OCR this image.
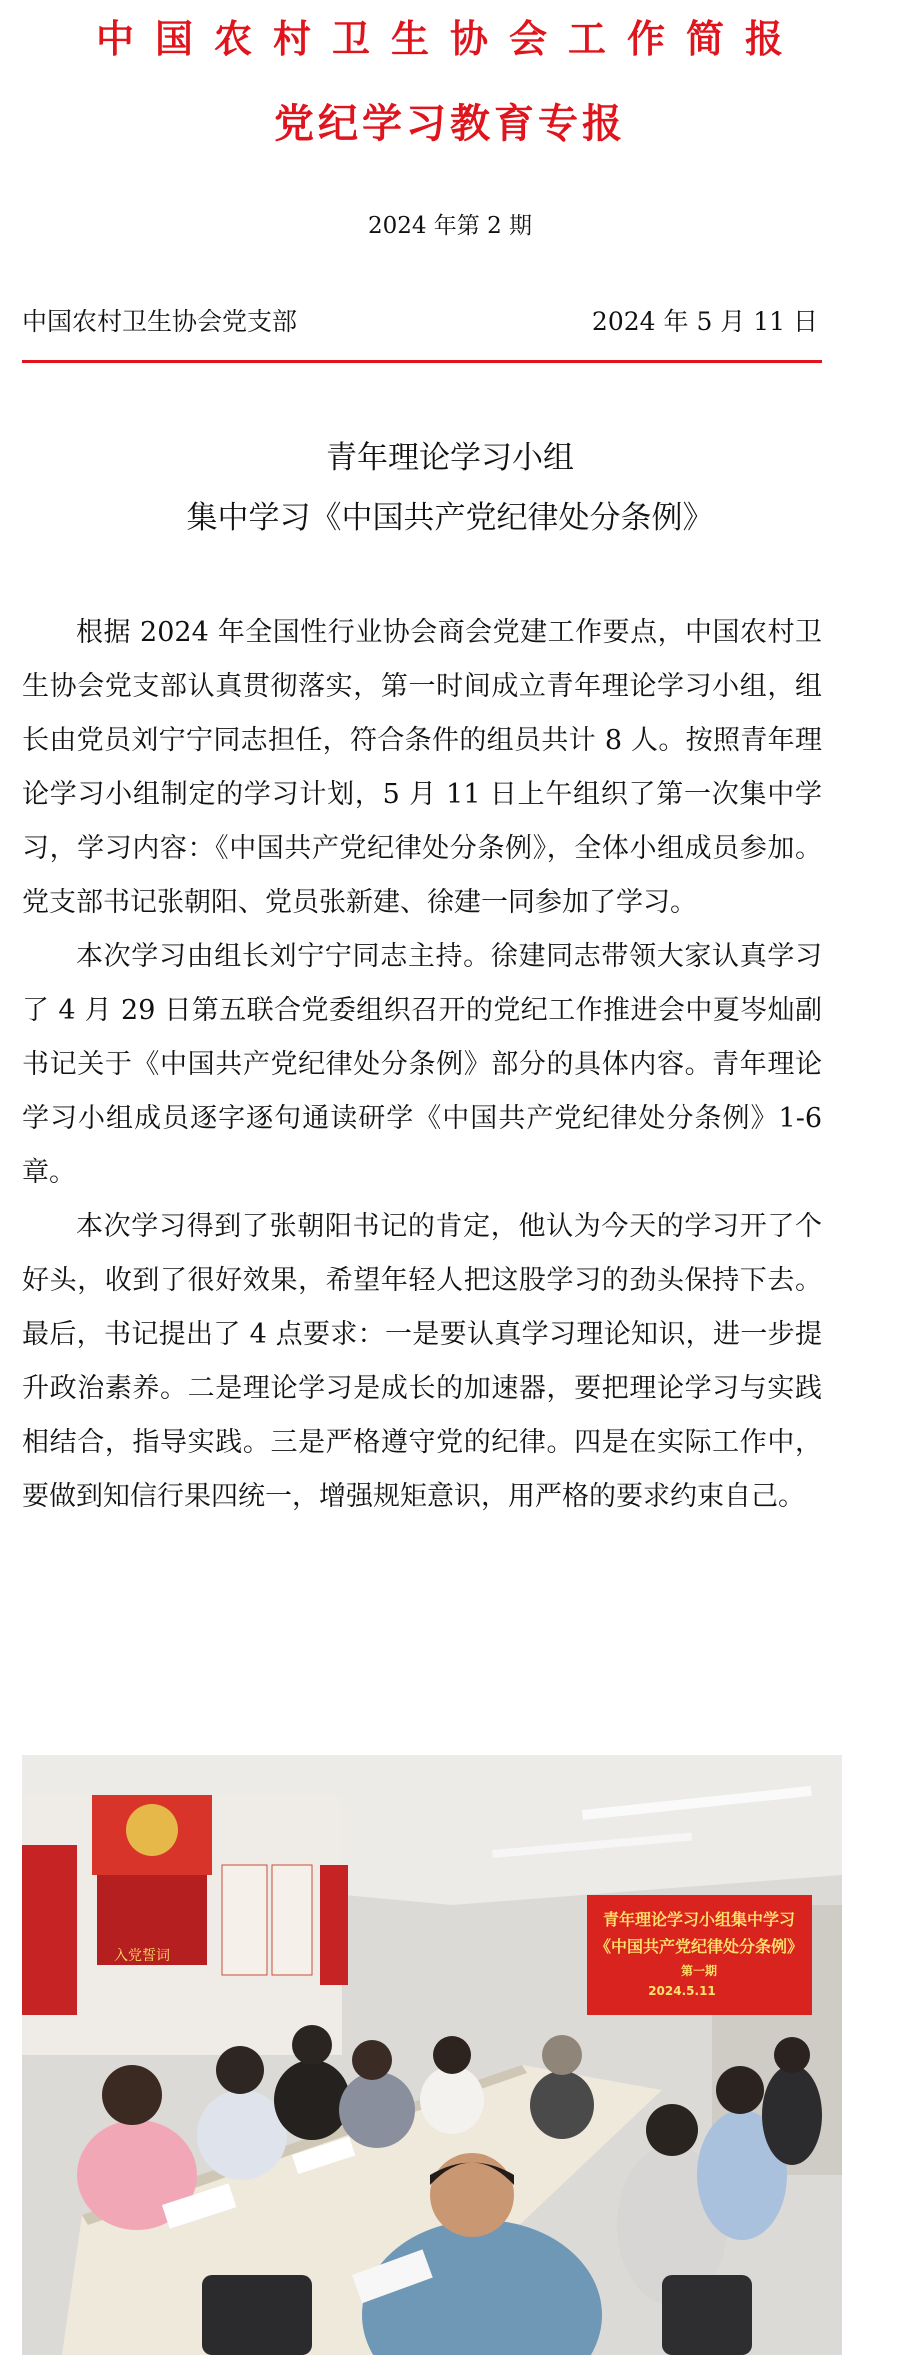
中国农村卫生协会工作简报
党纪学习教育专报
2024 年第 2 期
中国农村卫生协会党支部	2024 年 5 月 11 日
青年理论学习小组
集中学习《中国共产党纪律处分条例》

根据 2024 年全国性行业协会商会党建工作要点，中国农村卫生协会党支部认真贯彻落实，第一时间成立青年理论学习小组，组长由党员刘宁宁同志担任，符合条件的组员共计 8 人。按照青年理论学习小组制定的学习计划，5 月 11 日上午组织了第一次集中学习，学习内容：《中国共产党纪律处分条例》，全体小组成员参加。党支部书记张朝阳、党员张新建、徐建一同参加了学习。

本次学习由组长刘宁宁同志主持。徐建同志带领大家认真学习了 4 月 29 日第五联合党委组织召开的党纪工作推进会中夏岑灿副书记关于《中国共产党纪律处分条例》部分的具体内容。青年理论学习小组成员逐字逐句通读研学《中国共产党纪律处分条例》1-6 章。

本次学习得到了张朝阳书记的肯定，他认为今天的学习开了个好头，收到了很好效果，希望年轻人把这股学习的劲头保持下去。最后，书记提出了 4 点要求：一是要认真学习理论知识，进一步提升政治素养。二是理论学习是成长的加速器，要把理论学习与实践相结合，指导实践。三是严格遵守党的纪律。四是在实际工作中，要做到知信行果四统一，增强规矩意识，用严格的要求约束自己。

入党誓词
青年理论学习小组集中学习
《中国共产党纪律处分条例》
第一期
2024.5.11
